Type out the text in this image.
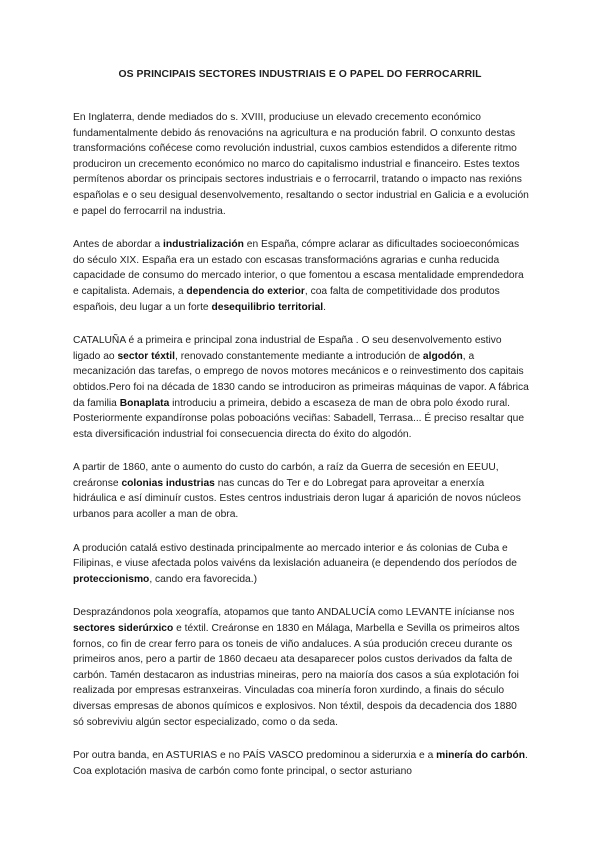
OS PRINCIPAIS SECTORES INDUSTRIAIS E O PAPEL DO FERROCARRIL

En Inglaterra, dende mediados do s. XVIII, produciuse un elevado crecemento económico fundamentalmente debido ás renovacións na agricultura e na produción fabril. O conxunto destas transformacións coñécese como revolución industrial, cuxos cambios estendidos a diferente ritmo produciron un crecemento económico no marco do capitalismo industrial e financeiro. Estes textos permítenos abordar os principais sectores industriais e o ferrocarril, tratando o impacto nas rexións españolas e o seu desigual desenvolvemento, resaltando o sector industrial en Galicia e a evolución e papel do ferrocarril na industria.

Antes de abordar a industrialización en España, cómpre aclarar as dificultades socioeconómicas do século XIX. España era un estado con escasas transformacións agrarias e cunha reducida capacidade de consumo do mercado interior, o que fomentou a escasa mentalidade emprendedora e capitalista. Ademais, a dependencia do exterior, coa falta de competitividade dos produtos españois, deu lugar a un forte desequilibrio territorial.

CATALUÑA é a primeira e principal zona industrial de España . O seu desenvolvemento estivo ligado ao sector téxtil, renovado constantemente mediante a introdución de algodón, a mecanización das tarefas, o emprego de novos motores mecánicos e o reinvestimento dos capitais obtidos.Pero foi na década de 1830 cando se introduciron as primeiras máquinas de vapor. A fábrica da familia Bonaplata introduciu a primeira, debido a escaseza de man de obra polo éxodo rural. Posteriormente expandíronse polas poboacións veciñas: Sabadell, Terrasa... É preciso resaltar que esta diversificación industrial foi consecuencia directa do éxito do algodón.

A partir de 1860, ante o aumento do custo do carbón, a raíz da Guerra de secesión en EEUU, creáronse colonias industrias nas cuncas do Ter e do Lobregat para aproveitar a enerxía hidráulica e así diminuír custos. Estes centros industriais deron lugar á aparición de novos núcleos urbanos para acoller a man de obra.

A produción catalá estivo destinada principalmente ao mercado interior e ás colonias de Cuba e Filipinas, e viuse afectada polos vaivéns da lexislación aduaneira (e dependendo dos períodos de proteccionismo, cando era favorecida.)

Desprazándonos pola xeografía, atopamos que tanto ANDALUCÍA como LEVANTE inícianse nos sectores siderúrxico e téxtil. Creáronse en 1830 en Málaga, Marbella e Sevilla os primeiros altos fornos, co fin de crear ferro para os toneis de viño andaluces. A súa produción creceu durante os primeiros anos, pero a partir de 1860 decaeu ata desaparecer polos custos derivados da falta de carbón. Tamén destacaron as industrias mineiras, pero na maioría dos casos a súa explotación foi realizada por empresas estranxeiras. Vinculadas coa minería foron xurdindo, a finais do século diversas empresas de abonos químicos e explosivos. Non téxtil, despois da decadencia dos 1880 só sobreviviu algún sector especializado, como o da seda.

Por outra banda, en ASTURIAS e no PAÍS VASCO predominou a siderurxia e a minería do carbón. Coa explotación masiva de carbón como fonte principal, o sector asturiano
